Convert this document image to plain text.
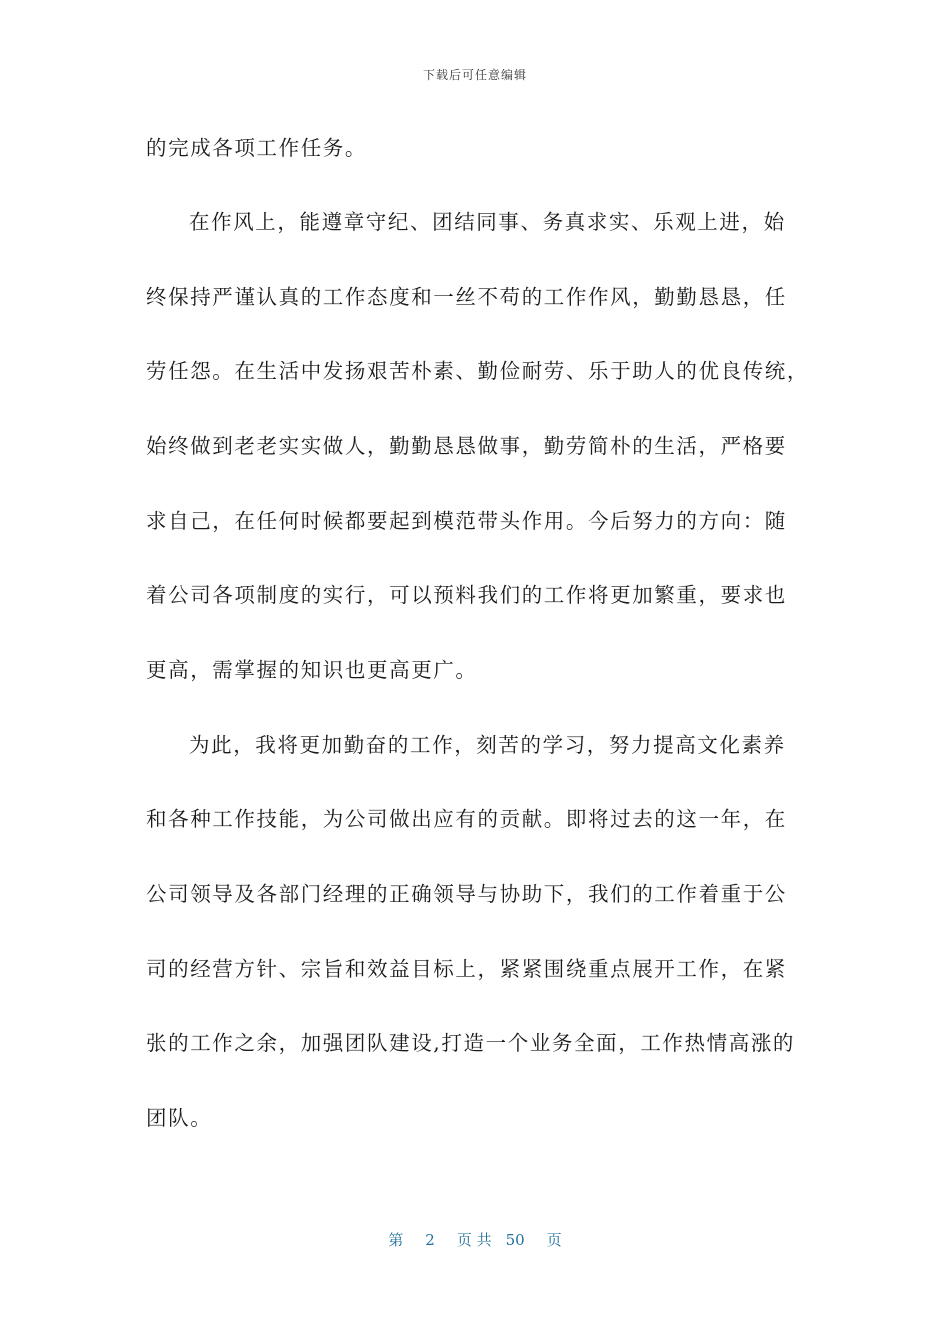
下载后可任意编辑
的完成各项工作任务。
在作风上，能遵章守纪、团结同事、务真求实、乐观上进，始
终保持严谨认真的工作态度和一丝不苟的工作作风，勤勤恳恳，任
劳任怨。在生活中发扬艰苦朴素、勤俭耐劳、乐于助人的优良传统，
始终做到老老实实做人，勤勤恳恳做事，勤劳简朴的生活，严格要
求自己，在任何时候都要起到模范带头作用。今后努力的方向：随
着公司各项制度的实行，可以预料我们的工作将更加繁重，要求也
更高，需掌握的知识也更高更广。
为此，我将更加勤奋的工作，刻苦的学习，努力提高文化素养
和各种工作技能，为公司做出应有的贡献。即将过去的这一年，在
公司领导及各部门经理的正确领导与协助下，我们的工作着重于公
司的经营方针、宗旨和效益目标上，紧紧围绕重点展开工作，在紧
张的工作之余，加强团队建设,打造一个业务全面，工作热情高涨的
团队。
第 2 页 共 50 页
